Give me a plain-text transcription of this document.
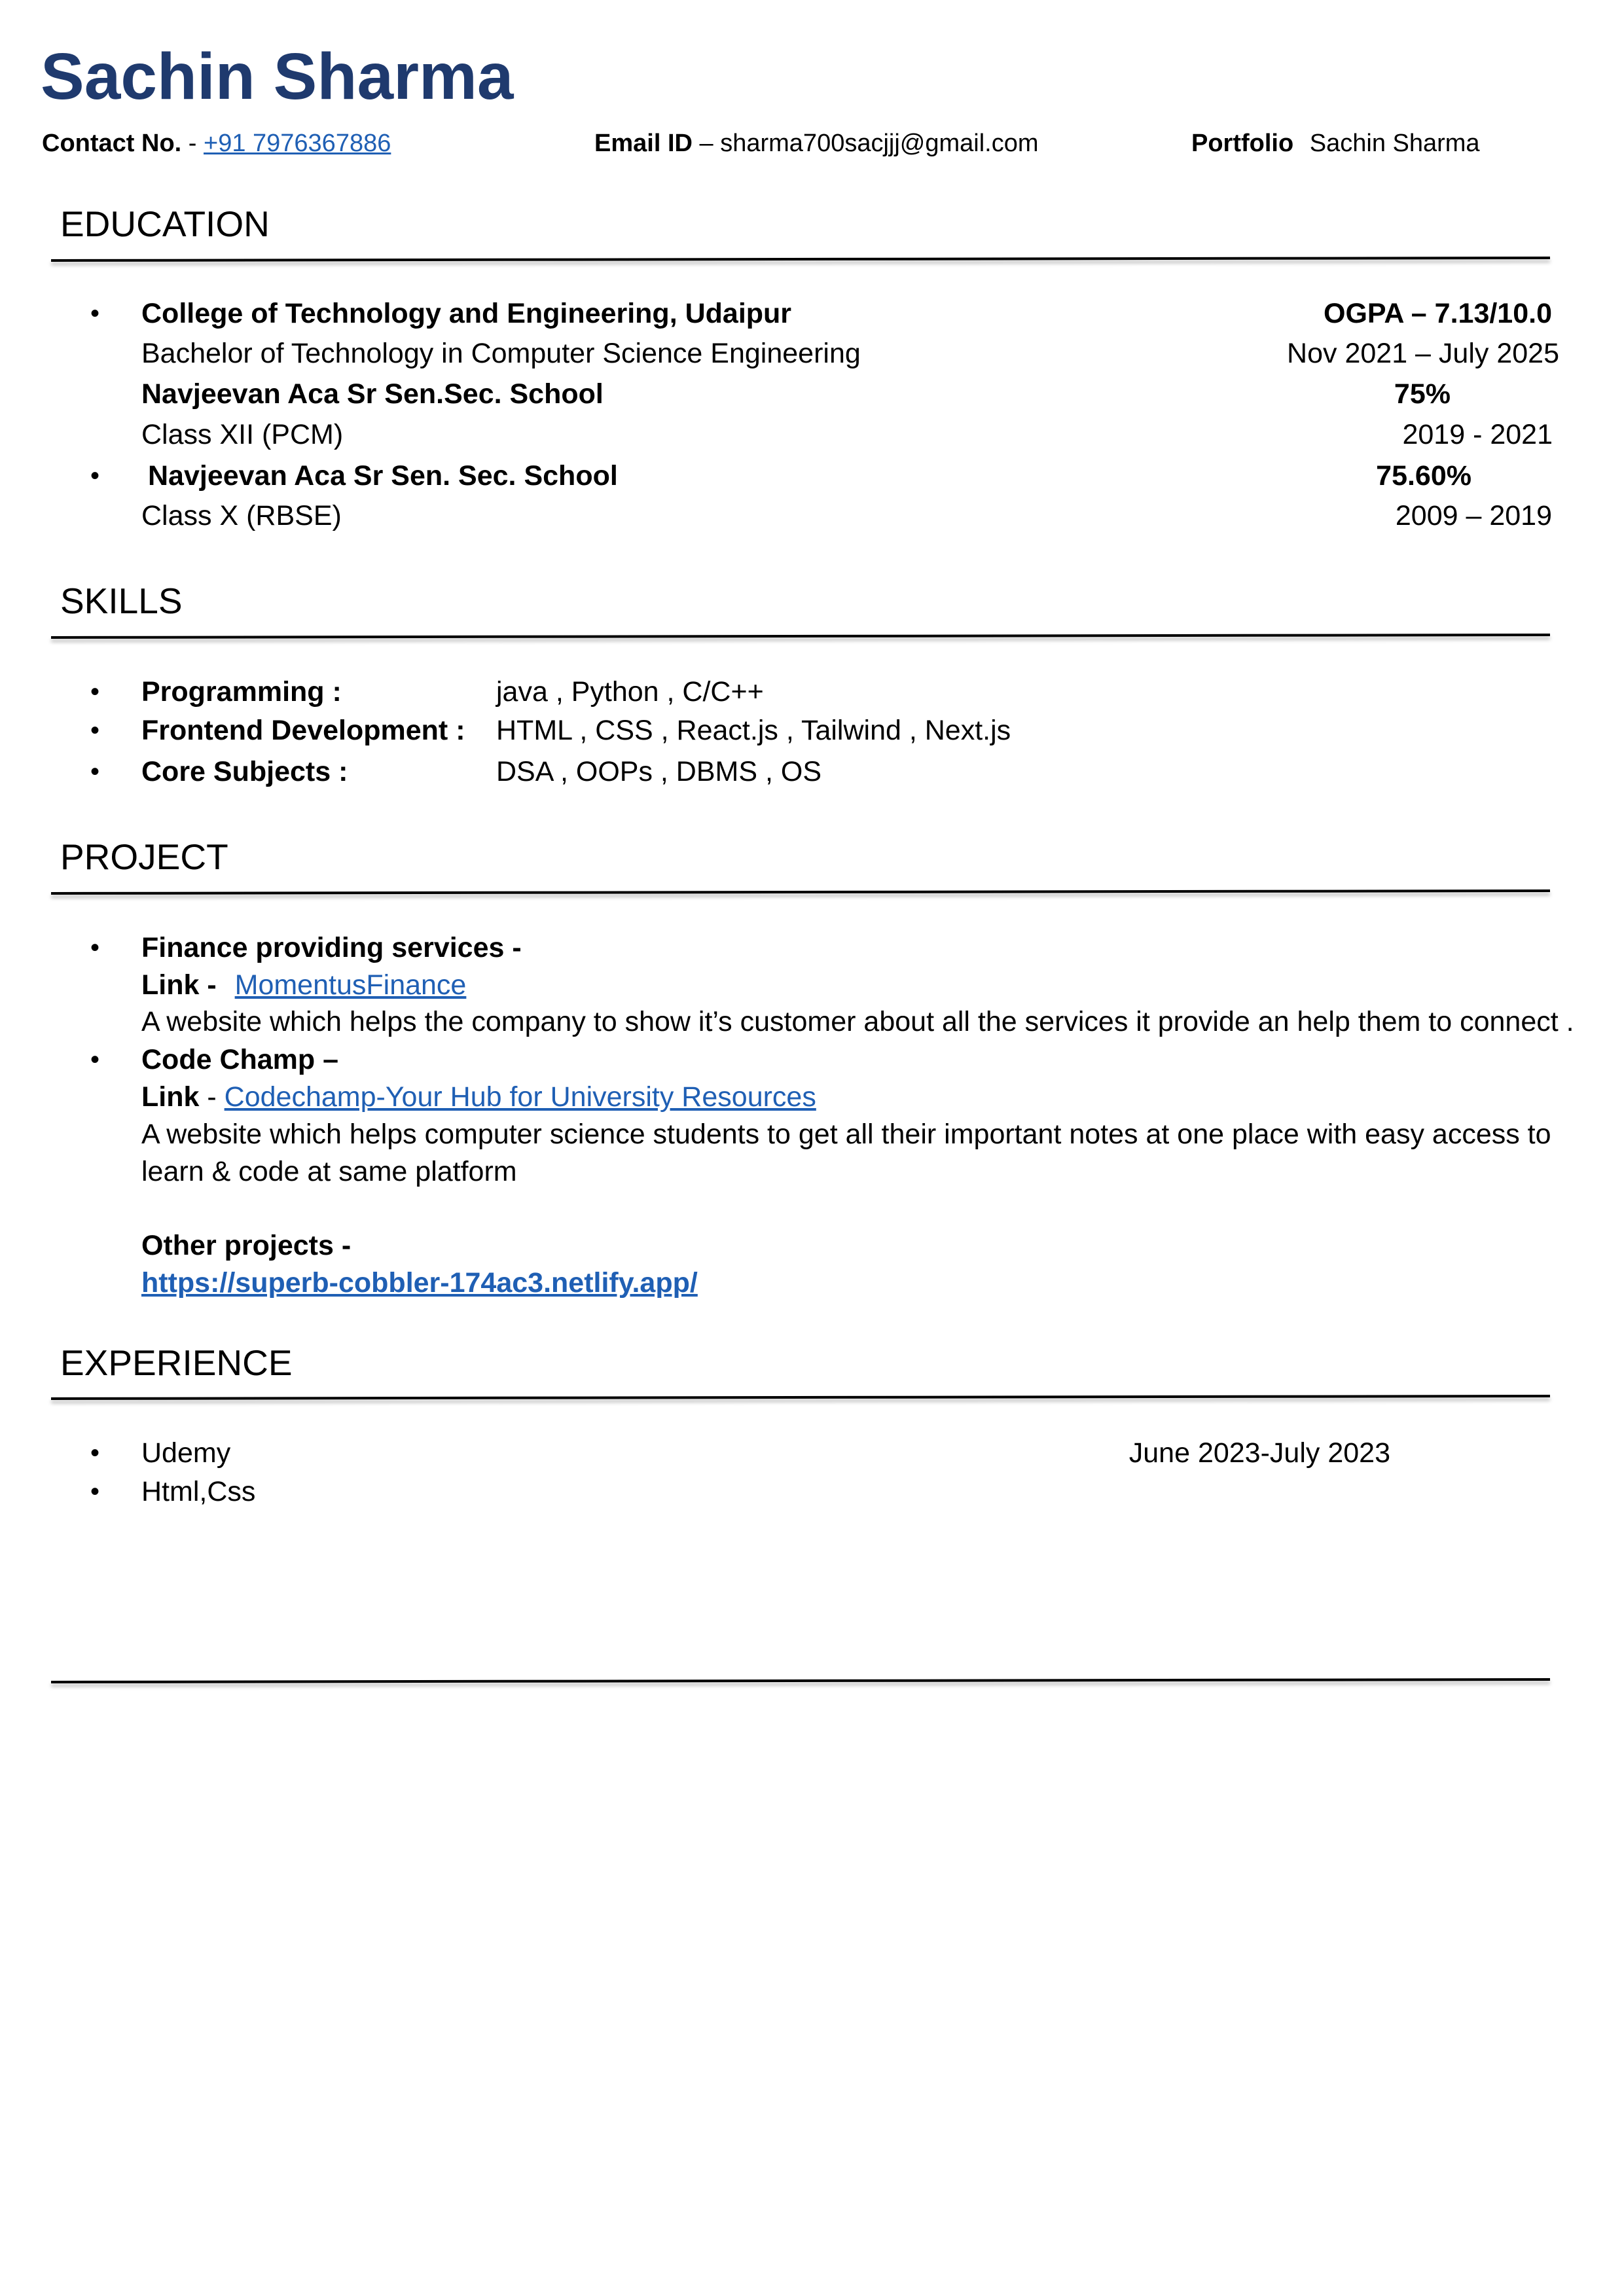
Sachin Sharma
Contact No. - +91 7976367886	Email ID – sharma700sacjjj@gmail.com	Portfolio Sachin Sharma
EDUCATION
• College of Technology and Engineering, Udaipur	OGPA – 7.13/10.0
Bachelor of Technology in Computer Science Engineering	Nov 2021 – July 2025
Navjeevan Aca Sr Sen.Sec. School	75%
Class XII (PCM)	2019 - 2021
• Navjeevan Aca Sr Sen. Sec. School	75.60%
Class X (RBSE)	2009 – 2019
SKILLS
• Programming :	java , Python , C/C++
• Frontend Development : HTML , CSS , React.js , Tailwind , Next.js
• Core Subjects :	DSA , OOPs , DBMS , OS
PROJECT
• Finance providing services -
Link - MomentusFinance
A website which helps the company to show it’s customer about all the services it provide an help them to connect .
• Code Champ –
Link - Codechamp-Your Hub for University Resources
A website which helps computer science students to get all their important notes at one place with easy access to
learn & code at same platform
Other projects -
https://superb-cobbler-174ac3.netlify.app/
EXPERIENCE
• Udemy	June 2023-July 2023
• Html,Css
